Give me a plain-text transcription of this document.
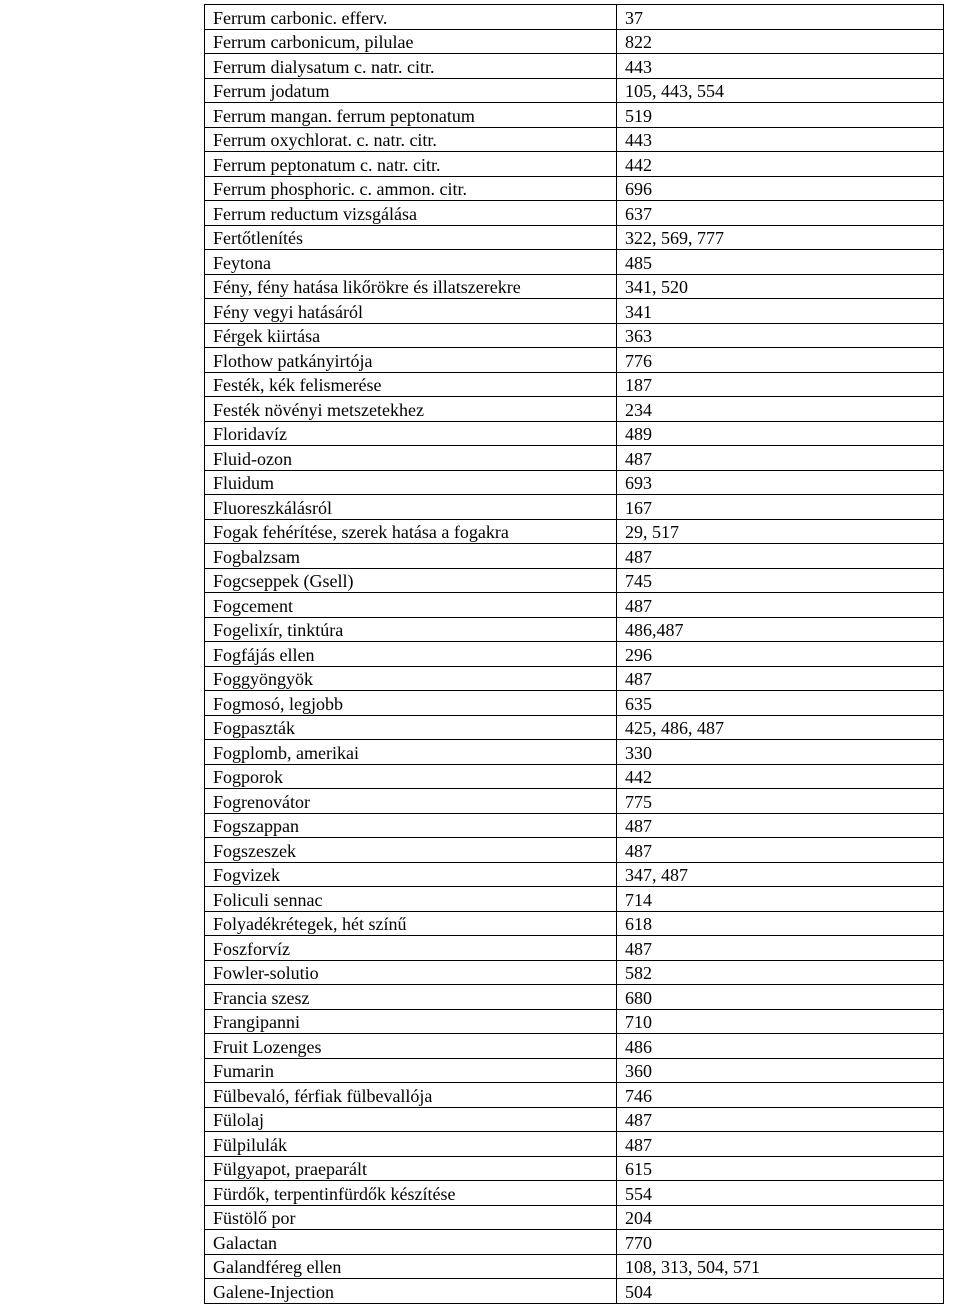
Ferrum carbonic. efferv.	37
Ferrum carbonicum, pilulae	822
Ferrum dialysatum c. natr. citr.	443
Ferrum jodatum	105, 443, 554
Ferrum mangan. ferrum peptonatum	519
Ferrum oxychlorat. c. natr. citr.	443
Ferrum peptonatum c. natr. citr.	442
Ferrum phosphoric. c. ammon. citr.	696
Ferrum reductum vizsgálása	637
Fertőtlenítés	322, 569, 777
Feytona	485
Fény, fény hatása likőrökre és illatszerekre	341, 520
Fény vegyi hatásáról	341
Férgek kiirtása	363
Flothow patkányirtója	776
Festék, kék felismerése	187
Festék növényi metszetekhez	234
Floridavíz	489
Fluid-ozon	487
Fluidum	693
Fluoreszkálásról	167
Fogak fehérítése, szerek hatása a fogakra	29, 517
Fogbalzsam	487
Fogcseppek (Gsell)	745
Fogcement	487
Fogelixír, tinktúra	486,487
Fogfájás ellen	296
Foggyöngyök	487
Fogmosó, legjobb	635
Fogpaszták	425, 486, 487
Fogplomb, amerikai	330
Fogporok	442
Fogrenovátor	775
Fogszappan	487
Fogszeszek	487
Fogvizek	347, 487
Foliculi sennac	714
Folyadékrétegek, hét színű	618
Foszforvíz	487
Fowler-solutio	582
Francia szesz	680
Frangipanni	710
Fruit Lozenges	486
Fumarin	360
Fülbevaló, férfiak fülbevallója	746
Fülolaj	487
Fülpilulák	487
Fülgyapot, praeparált	615
Fürdők, terpentinfürdők készítése	554
Füstölő por	204
Galactan	770
Galandféreg ellen	108, 313, 504, 571
Galene-Injection	504
